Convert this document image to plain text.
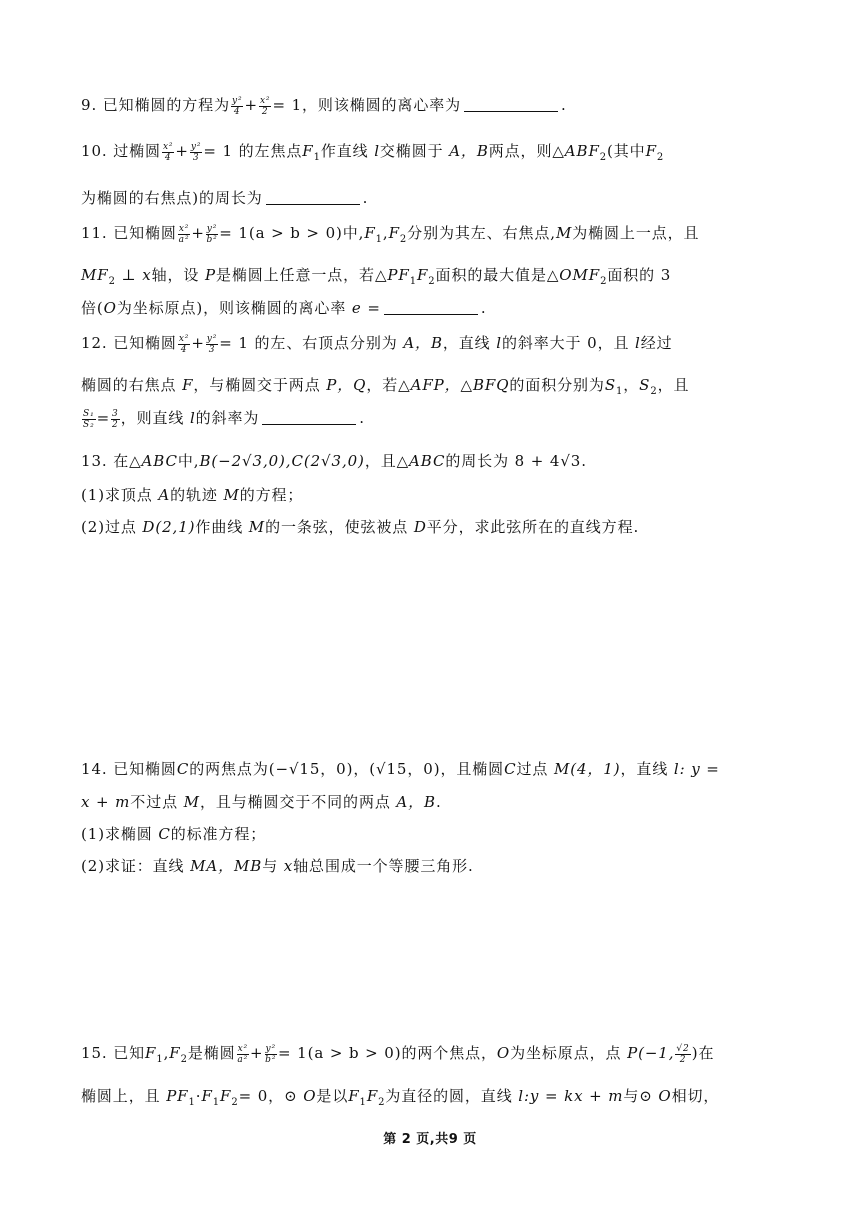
9. 已知椭圆的方程为 $\frac{\text{y²}}{4} + \frac{\text{x²}}{2} = 1$，则该椭圆的离心率为	.
10. 过椭圆 $\frac{\text{x²}}{4} + \frac{\text{y²}}{3} = 1$ 的左焦点$F_1$作直线 l交椭圆于 A，B两点，则$\triangle ABF_2$(其中$F_2$
为椭圆的右焦点)的周长为	.
11. 已知椭圆 $\frac{\text{x²}}{\text{a²}} + \frac{\text{y²}}{\text{b²}} = 1(a > b > 0)$中$,F_1,F_2$分别为其左、右焦点,M为椭圆上一点，且
$MF_2$ ⊥ x轴，设 P是椭圆上任意一点，若$\triangle PF_1F_2$面积的最大值是$\triangle OMF_2$面积的 3
倍(O为坐标原点)，则该椭圆的离心率 e =	.
12. 已知椭圆 $\frac{\text{x²}}{4} + \frac{\text{y²}}{3} = 1$ 的左、右顶点分别为 A，B，直线 l的斜率大于 0，且 l经过
椭圆的右焦点 F，与椭圆交于两点 P，Q，若△AFP，△BFQ的面积分别为$S_1$，$S_2$，且
$\frac{\text{S₁}}{\text{S₂}} = \frac{3}{2}$ ，则直线 l的斜率为	.
13. 在△ABC中,B(−2√3,0),C(2√3,0)，且△ABC的周长为 8 + 4√3.
(1)求顶点 A的轨迹 M的方程；
(2)过点 D(2,1)作曲线 M的一条弦，使弦被点 D平分，求此弦所在的直线方程.
14. 已知椭圆C的两焦点为(−√15，0)，(√15，0)，且椭圆C过点 M(4，1)，直线 l: y =
x + m不过点 M，且与椭圆交于不同的两点 A，B.
(1)求椭圆 C的标准方程；
(2)求证：直线 MA，MB与 x轴总围成一个等腰三角形.
15. 已知$F_1,F_2$是椭圆 $\frac{\text{x²}}{\text{a²}} + \frac{\text{y²}}{\text{b²}} = 1(a > b > 0)$的两个焦点，O为坐标原点，点 P(−1, $\frac{√2}{2}$ )在
椭圆上，且 $PF_1\cdot F_1F_2= 0$，⊙ O是以$F_1F_2$为直径的圆，直线 l:y = kx + m与⊙ O相切，
第 2 页,共9 页
